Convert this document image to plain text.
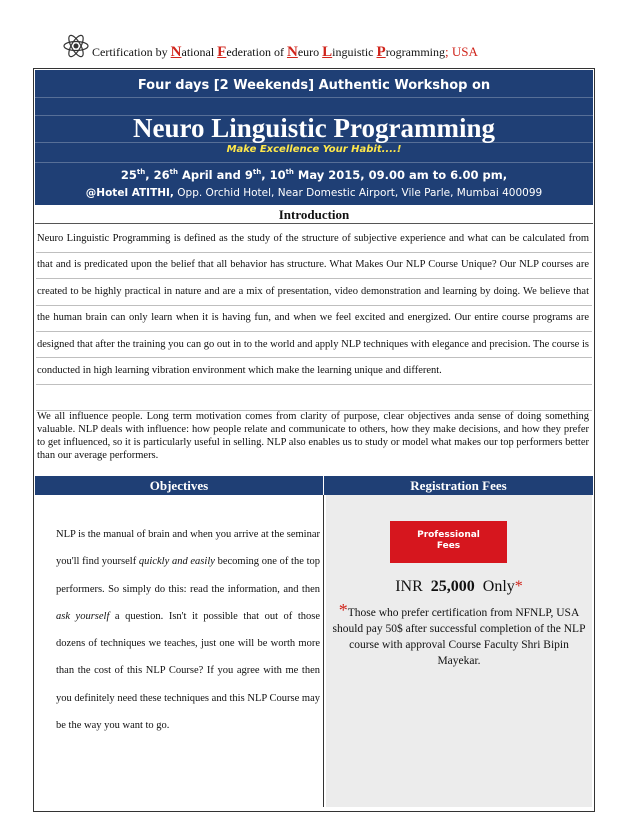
Certification by National Federation of Neuro Linguistic Programming; USA
Four days [2 Weekends] Authentic Workshop on
Neuro Linguistic Programming
Make Excellence Your Habit....!
25th, 26th April and 9th, 10th May 2015, 09.00 am to 6.00 pm,
@Hotel ATITHI, Opp. Orchid Hotel, Near Domestic Airport, Vile Parle, Mumbai 400099
Introduction
Neuro Linguistic Programming is defined as the study of the structure of subjective experience and what can be calculated from that and is predicated upon the belief that all behavior has structure. What Makes Our NLP Course Unique? Our NLP courses are created to be highly practical in nature and are a mix of presentation, video demonstration and learning by doing. We believe that the human brain can only learn when it is having fun, and when we feel excited and energized. Our entire course programs are designed that after the training you can go out in to the world and apply NLP techniques with elegance and precision. The course is conducted in high learning vibration environment which make the learning unique and different.
We all influence people. Long term motivation comes from clarity of purpose, clear objectives anda sense of doing something valuable. NLP deals with influence: how people relate and communicate to others, how they make decisions, and how they prefer to get influenced, so it is particularly useful in selling. NLP also enables us to study or model what makes our top performers better than our average performers.
Objectives	Registration Fees
NLP is the manual of brain and when you arrive at the seminar you'll find yourself quickly and easily becoming one of the top performers. So simply do this: read the information, and then ask yourself a question. Isn't it possible that out of those dozens of techniques we teaches, just one will be worth more than the cost of this NLP Course? If you agree with me then you definitely need these techniques and this NLP Course may be the way you want to go.
Professional
Fees
INR 25,000 Only*
*Those who prefer certification from NFNLP, USA should pay 50$ after successful completion of the NLP course with approval Course Faculty Shri Bipin Mayekar.
